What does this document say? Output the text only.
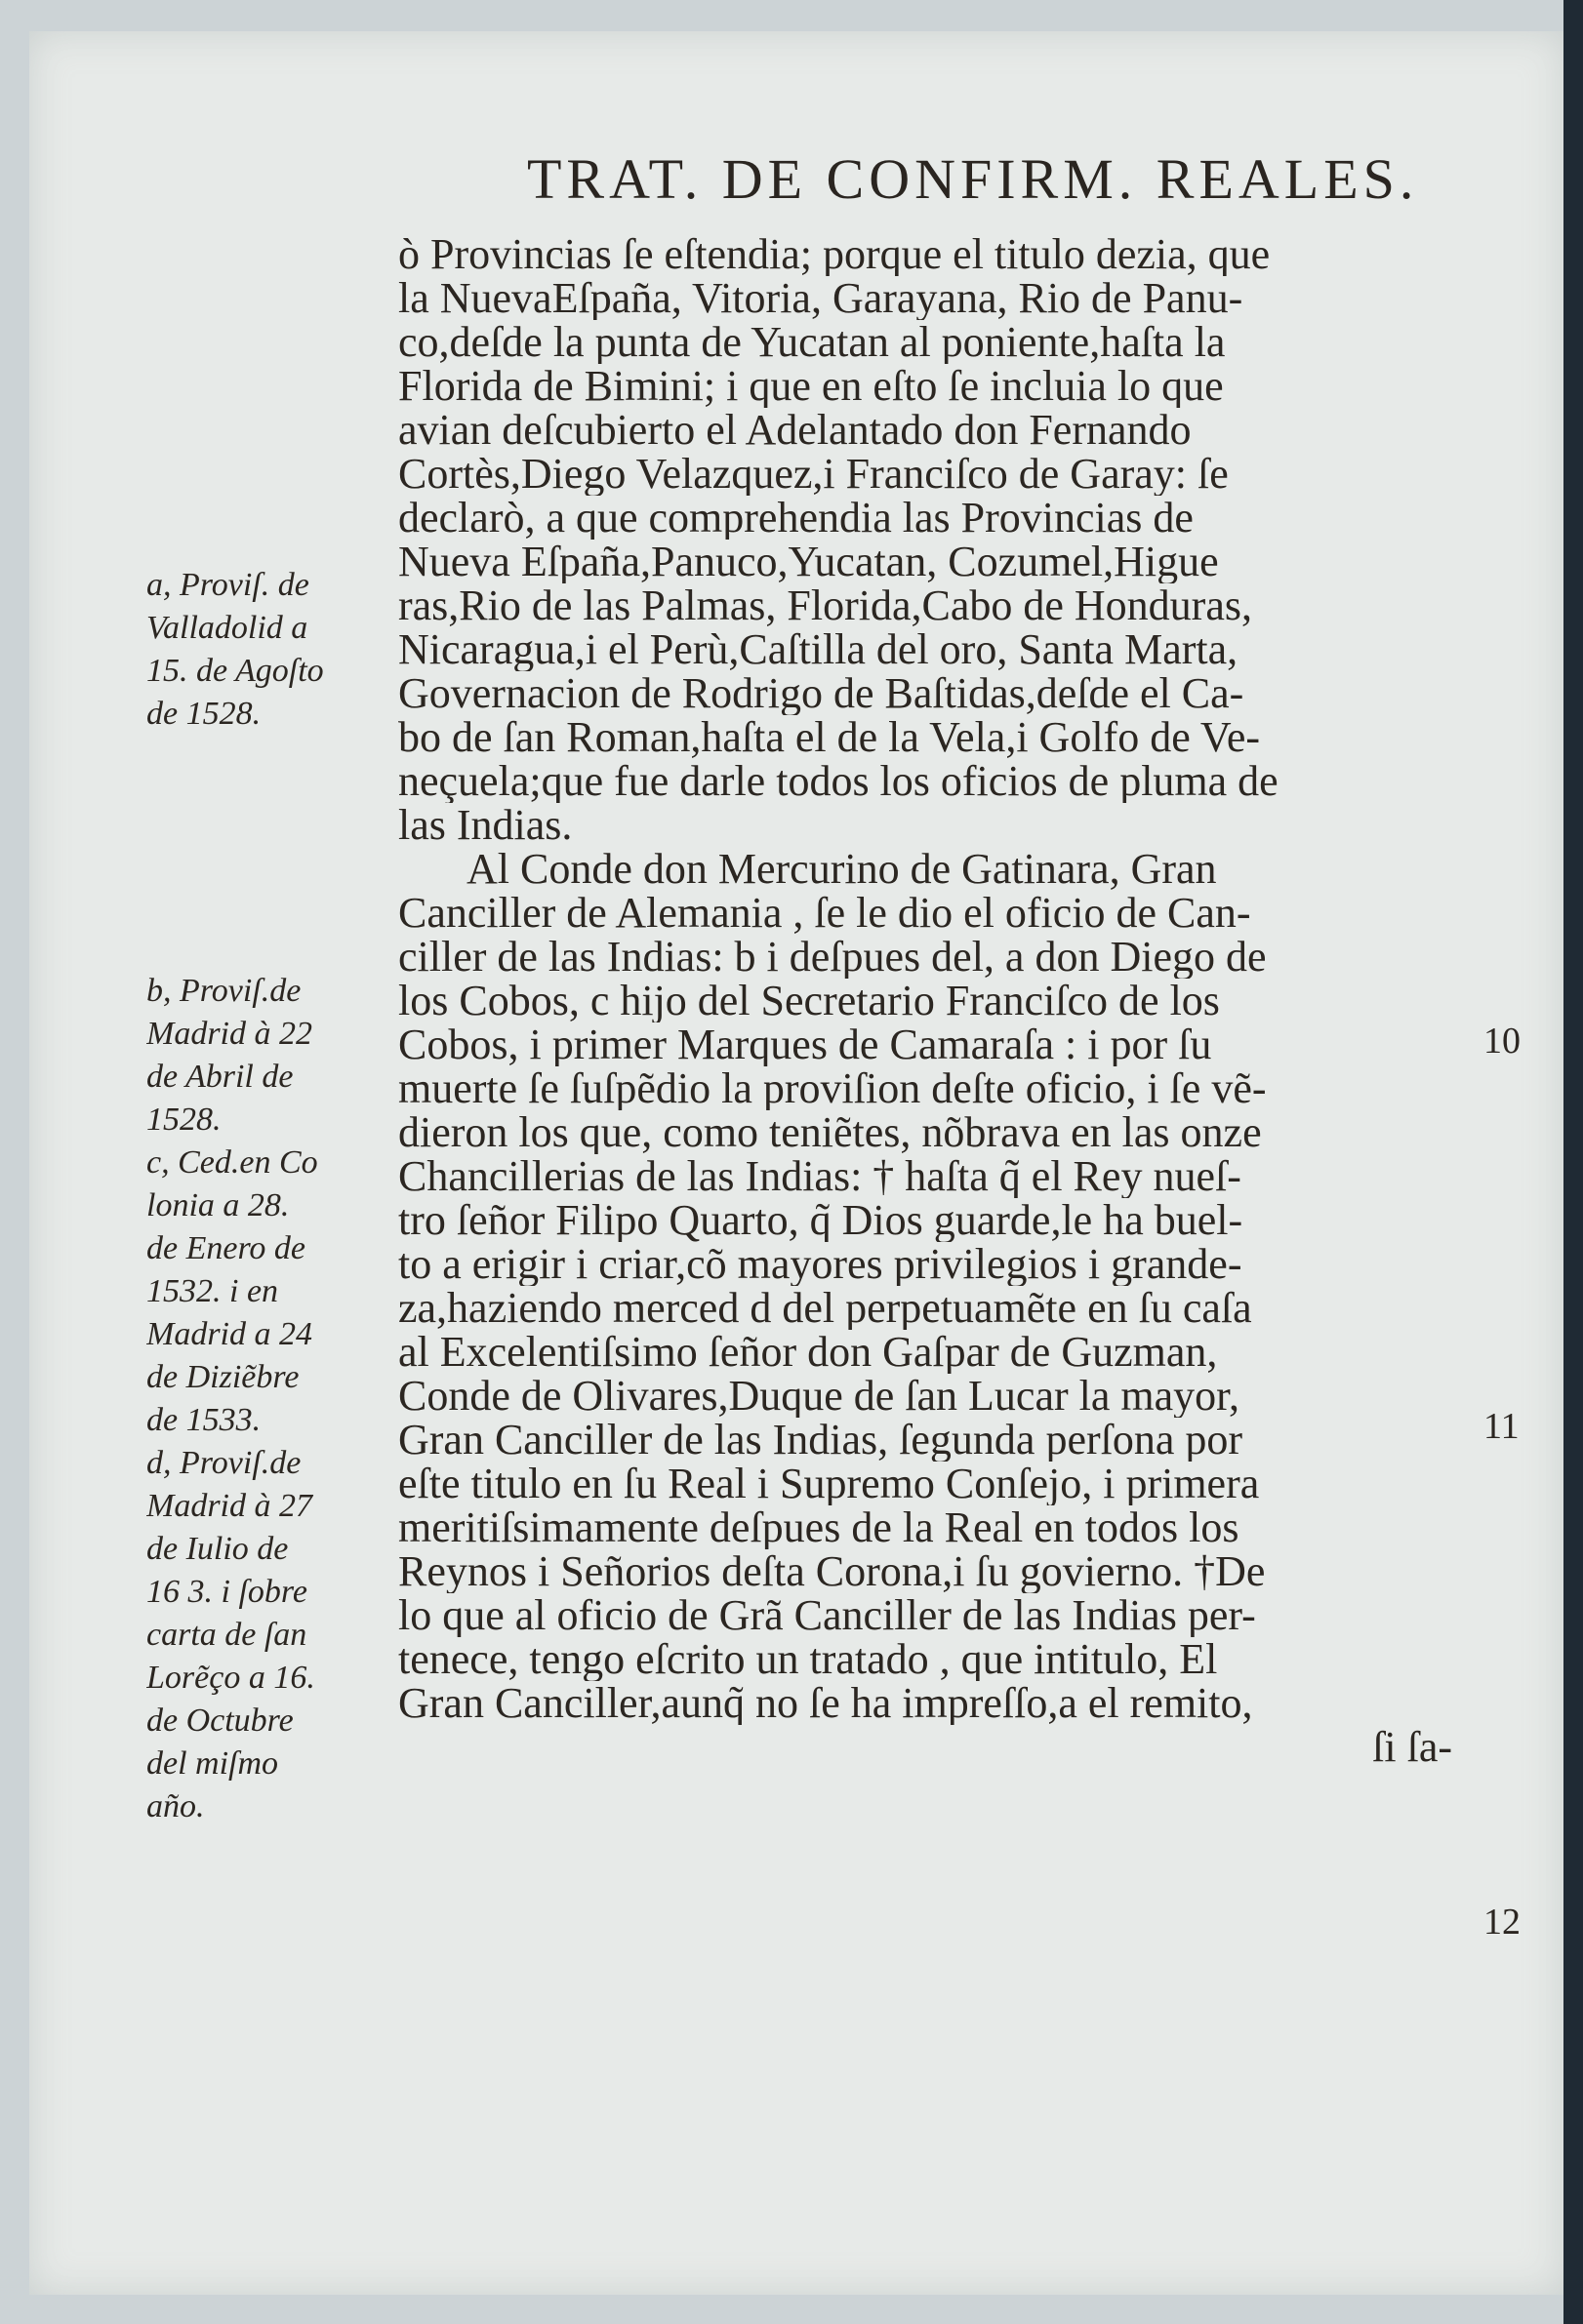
TRAT. DE CONFIRM. REALES.
a, Proviſ. de
Valladolid a
15. de Agoſto
de 1528.
b, Proviſ.de
Madrid à 22
de Abril de
1528.
c, Ced.en Co
lonia a 28.
de Enero de
1532. i en
Madrid a 24
de Diziẽbre
de 1533.
d, Proviſ.de
Madrid à 27
de Iulio de
16 3. i ſobre
carta de ſan
Lorẽço a 16.
de Octubre
del miſmo
año.
ò Provincias ſe eſtendia; porque el titulo dezia, que
la NuevaEſpaña, Vitoria, Garayana, Rio de Panu-
co,deſde la punta de Yucatan al poniente,haſta la
Florida de Bimini; i que en eſto ſe incluia lo que
avian deſcubierto el Adelantado don Fernando
Cortès,Diego Velazquez,i Franciſco de Garay: ſe
declarò, a que comprehendia las Provincias de
Nueva Eſpaña,Panuco,Yucatan, Cozumel,Higue
ras,Rio de las Palmas, Florida,Cabo de Honduras,
Nicaragua,i el Perù,Caſtilla del oro, Santa Marta,
Governacion de Rodrigo de Baſtidas,deſde el Ca-
bo de ſan Roman,haſta el de la Vela,i Golfo de Ve-
neçuela;que fue darle todos los oficios de pluma de
las Indias.
Al Conde don Mercurino de Gatinara, Gran
Canciller de Alemania , ſe le dio el oficio de Can-
ciller de las Indias: b i deſpues del, a don Diego de
los Cobos, c hijo del Secretario Franciſco de los
Cobos, i primer Marques de Camaraſa : i por ſu
muerte ſe ſuſpẽdio la proviſion deſte oficio, i ſe vẽ-
dieron los que, como teniẽtes, nõbrava en las onze
Chancillerias de las Indias: † haſta q̃ el Rey nueſ-
tro ſeñor Filipo Quarto, q̃ Dios guarde,le ha buel-
to a erigir i criar,cõ mayores privilegios i grande-
za,haziendo merced d del perpetuamẽte en ſu caſa
al Excelentiſsimo ſeñor don Gaſpar de Guzman,
Conde de Olivares,Duque de ſan Lucar la mayor,
Gran Canciller de las Indias, ſegunda perſona por
eſte titulo en ſu Real i Supremo Conſejo, i primera
meritiſsimamente deſpues de la Real en todos los
Reynos i Señorios deſta Corona,i ſu govierno. †De
lo que al oficio de Grã Canciller de las Indias per-
tenece, tengo eſcrito un tratado , que intitulo, El
Gran Canciller,aunq̃ no ſe ha impreſſo,a el remito,
ſi ſa-
10
11
12
